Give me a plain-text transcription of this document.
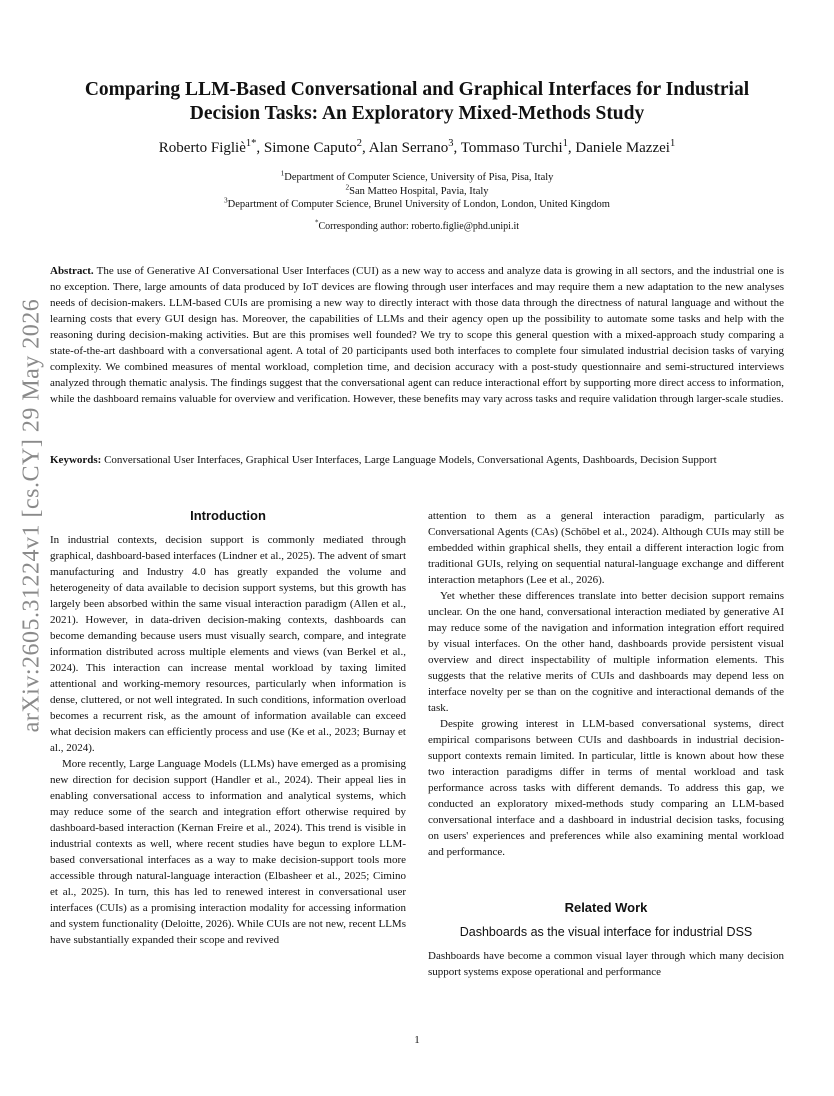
arXiv:2605.31224v1 [cs.CY] 29 May 2026
Comparing LLM-Based Conversational and Graphical Interfaces for Industrial Decision Tasks: An Exploratory Mixed-Methods Study
Roberto Figliè$^{1*}$, Simone Caputo$^2$, Alan Serrano$^3$, Tommaso Turchi$^1$, Daniele Mazzei$^1$
$^1$Department of Computer Science, University of Pisa, Pisa, Italy
$^2$San Matteo Hospital, Pavia, Italy
$^3$Department of Computer Science, Brunel University of London, London, United Kingdom
*Corresponding author: roberto.figlie@phd.unipi.it
Abstract. The use of Generative AI Conversational User Interfaces (CUI) as a new way to access and analyze data is growing in all sectors, and the industrial one is no exception. There, large amounts of data produced by IoT devices are flowing through user interfaces and may require them a new adaptation to the new analyses needs of decision-makers. LLM-based CUIs are promising a new way to directly interact with those data through the directness of natural language and without the learning costs that every GUI design has. Moreover, the capabilities of LLMs and their agency open up the possibility to automate some tasks and help with the reasoning during decision-making activities. But are this promises well founded? We try to scope this general question with a mixed-approach study comparing a state-of-the-art dashboard with a conversational agent. A total of 20 participants used both interfaces to complete four simulated industrial decision tasks of varying complexity. We combined measures of mental workload, completion time, and decision accuracy with a post-study questionnaire and semi-structured interviews analyzed through thematic analysis. The findings suggest that the conversational agent can reduce interactional effort by supporting more direct access to information, while the dashboard remains valuable for overview and verification. However, these benefits may vary across tasks and require validation through larger-scale studies.
Keywords: Conversational User Interfaces, Graphical User Interfaces, Large Language Models, Conversational Agents, Dashboards, Decision Support
Introduction

In industrial contexts, decision support is commonly mediated through graphical, dashboard-based interfaces (Lindner et al., 2025). The advent of smart manufacturing and Industry 4.0 has greatly expanded the volume and heterogeneity of data available to decision support systems, but this growth has largely been absorbed within the same visual interaction paradigm (Allen et al., 2021). However, in data-driven decision-making contexts, dashboards can become demanding because users must visually search, compare, and integrate information distributed across multiple elements and views (van Berkel et al., 2024). This interaction can increase mental workload by taxing limited attentional and working-memory resources, particularly when information is dense, cluttered, or not well integrated. In such conditions, information overload becomes a recurrent risk, as the amount of information available can exceed what decision makers can efficiently process and use (Ke et al., 2023; Burnay et al., 2024).

More recently, Large Language Models (LLMs) have emerged as a promising new direction for decision support (Handler et al., 2024). Their appeal lies in enabling conversational access to information and analytical systems, which may reduce some of the search and integration effort otherwise required by dashboard-based interaction (Kernan Freire et al., 2024). This trend is visible in industrial contexts as well, where recent studies have begun to explore LLM-based conversational interfaces as a way to make decision-support tools more accessible through natural-language interaction (Elbasheer et al., 2025; Cimino et al., 2025). In turn, this has led to renewed interest in conversational user interfaces (CUIs) as a promising interaction modality for accessing information and system functionality (Deloitte, 2026). While CUIs are not new, recent LLMs have substantially expanded their scope and revived

attention to them as a general interaction paradigm, particularly as Conversational Agents (CAs) (Schöbel et al., 2024). Although CUIs may still be embedded within graphical shells, they entail a different interaction logic from traditional GUIs, relying on sequential natural-language exchange and different interaction metaphors (Lee et al., 2026).

Yet whether these differences translate into better decision support remains unclear. On the one hand, conversational interaction mediated by generative AI may reduce some of the navigation and information integration effort required by visual interfaces. On the other hand, dashboards provide persistent visual overview and direct inspectability of multiple information elements. This suggests that the relative merits of CUIs and dashboards may depend less on interface novelty per se than on the cognitive and interactional demands of the task.

Despite growing interest in LLM-based conversational systems, direct empirical comparisons between CUIs and dashboards in industrial decision-support contexts remain limited. In particular, little is known about how these two interaction paradigms differ in terms of mental workload and task performance across tasks with different demands. To address this gap, we conducted an exploratory mixed-methods study comparing an LLM-based conversational interface and a dashboard in industrial decision tasks, focusing on users' experiences and preferences while also examining mental workload and performance.

Related Work
Dashboards as the visual interface for industrial DSS

Dashboards have become a common visual layer through which many decision support systems expose operational and performance

1
